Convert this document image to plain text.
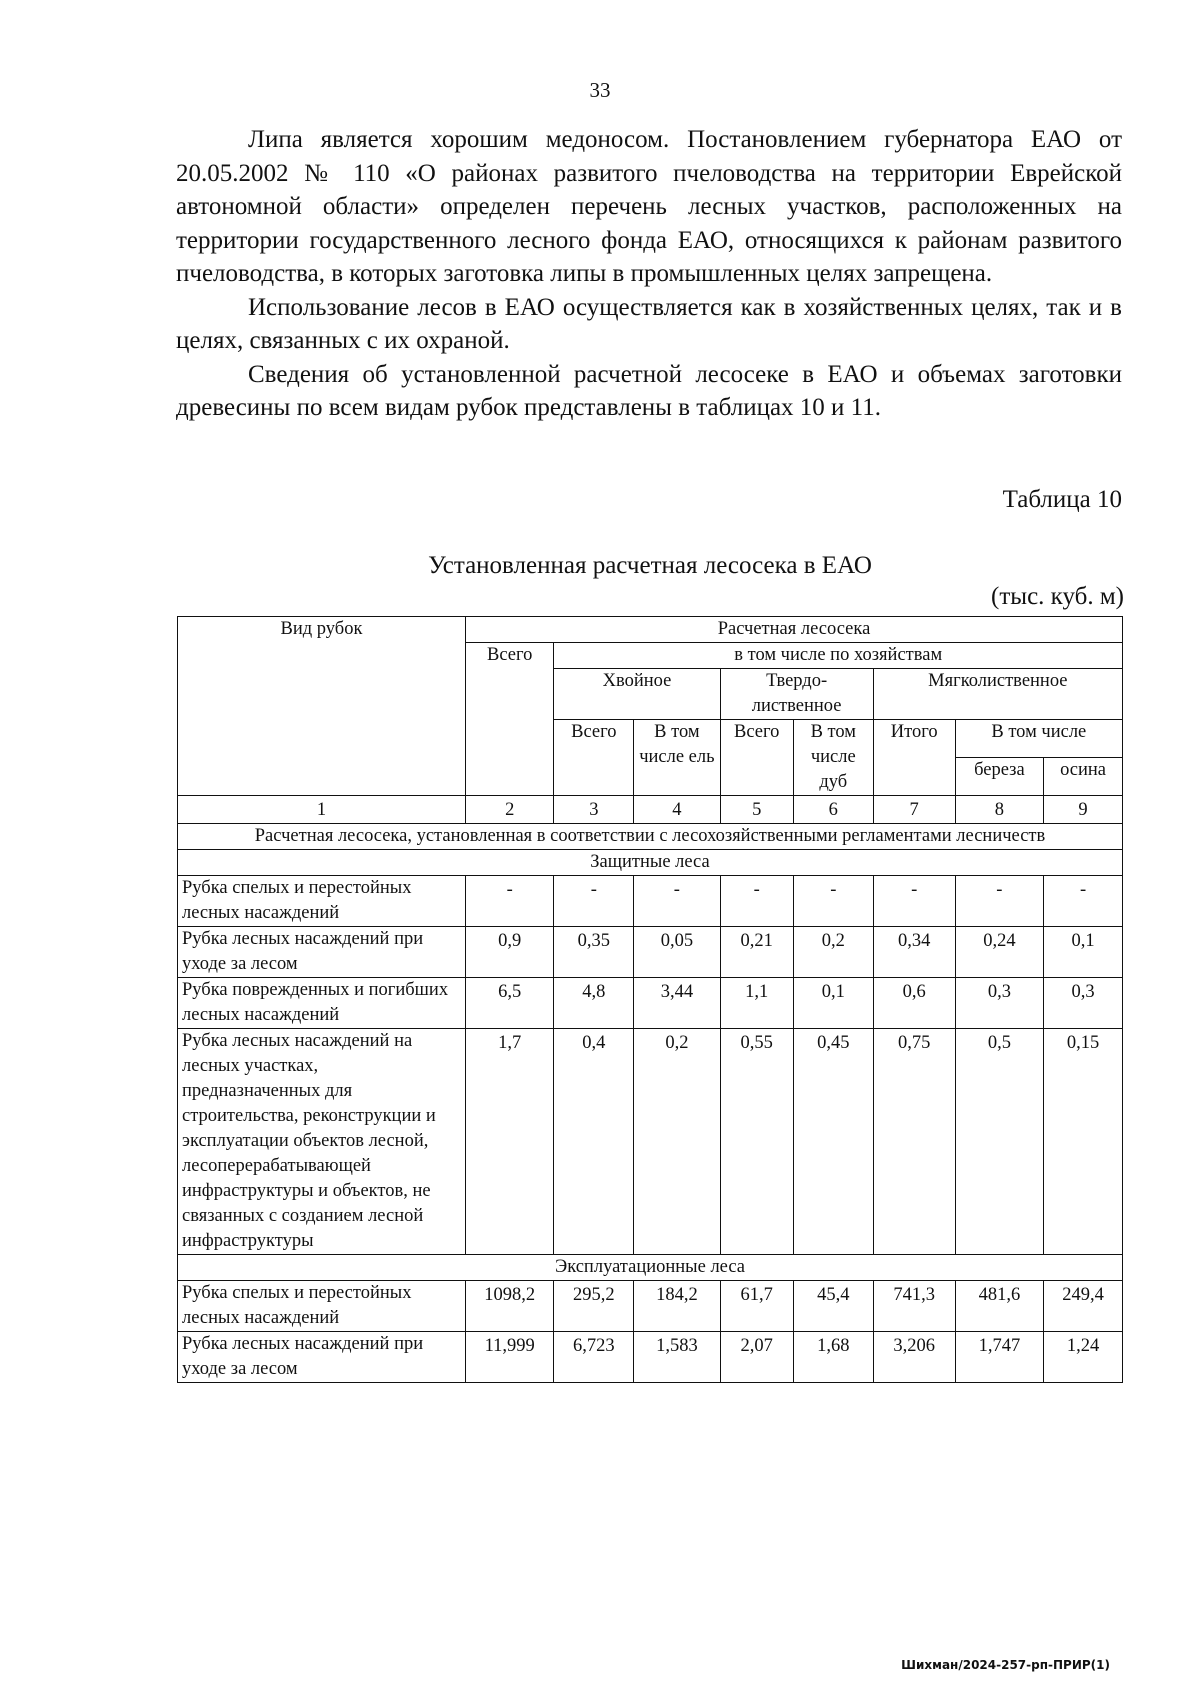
33

Липа является хорошим медоносом. Постановлением губернатора ЕАО от 20.05.2002 № 110 «О районах развитого пчеловодства на территории Еврейской автономной области» определен перечень лесных участков, расположенных на территории государственного лесного фонда ЕАО, относящихся к районам развитого пчеловодства, в которых заготовка липы в промышленных целях запрещена.

Использование лесов в ЕАО осуществляется как в хозяйственных целях, так и в целях, связанных с их охраной.

Сведения об установленной расчетной лесосеке в ЕАО и объемах заготовки древесины по всем видам рубок представлены в таблицах 10 и 11.

Таблица 10
Установленная расчетная лесосека в ЕАО
(тыс. куб. м)
Вид рубок	Расчетная лесосека							
	Всего	в том числе по хозяйствам						
		Хвойное		Твердо-лиственное		Мягколиственное		
		Всего	В том числе ель	Всего	В том числе дуб	Итого	В том числе	
							береза	осина
1	2	3	4	5	6	7	8	9
Расчетная лесосека, установленная в соответствии с лесохозяйственными регламентами лесничеств								
Защитные леса								
Рубка спелых и перестойных лесных насаждений	-	-	-	-	-	-	-	-
Рубка лесных насаждений при уходе за лесом	0,9	0,35	0,05	0,21	0,2	0,34	0,24	0,1
Рубка поврежденных и погибших лесных насаждений	6,5	4,8	3,44	1,1	0,1	0,6	0,3	0,3
Рубка лесных насаждений на лесных участках, предназначенных для строительства, реконструкции и эксплуатации объектов лесной, лесоперерабатывающей инфраструктуры и объектов, не связанных с созданием лесной инфраструктуры	1,7	0,4	0,2	0,55	0,45	0,75	0,5	0,15
Эксплуатационные леса								
Рубка спелых и перестойных лесных насаждений	1098,2	295,2	184,2	61,7	45,4	741,3	481,6	249,4
Рубка лесных насаждений при уходе за лесом	11,999	6,723	1,583	2,07	1,68	3,206	1,747	1,24
Шихман/2024-257-рп-ПРИР(1)
